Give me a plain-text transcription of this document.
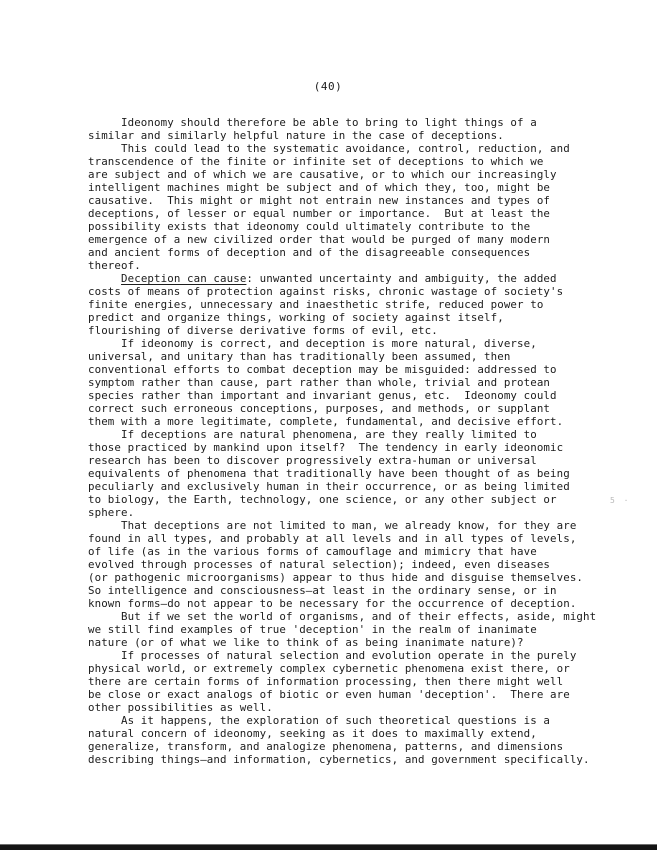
(40)
Ideonomy should therefore be able to bring to light things of a
similar and similarly helpful nature in the case of deceptions.
This could lead to the systematic avoidance, control, reduction, and
transcendence of the finite or infinite set of deceptions to which we
are subject and of which we are causative, or to which our increasingly
intelligent machines might be subject and of which they, too, might be
causative.  This might or might not entrain new instances and types of
deceptions, of lesser or equal number or importance.  But at least the
possibility exists that ideonomy could ultimately contribute to the
emergence of a new civilized order that would be purged of many modern
and ancient forms of deception and of the disagreeable consequences
thereof.
Deception can cause: unwanted uncertainty and ambiguity, the added
costs of means of protection against risks, chronic wastage of society's
finite energies, unnecessary and inaesthetic strife, reduced power to
predict and organize things, working of society against itself,
flourishing of diverse derivative forms of evil, etc.
If ideonomy is correct, and deception is more natural, diverse,
universal, and unitary than has traditionally been assumed, then
conventional efforts to combat deception may be misguided: addressed to
symptom rather than cause, part rather than whole, trivial and protean
species rather than important and invariant genus, etc.  Ideonomy could
correct such erroneous conceptions, purposes, and methods, or supplant
them with a more legitimate, complete, fundamental, and decisive effort.
If deceptions are natural phenomena, are they really limited to
those practiced by mankind upon itself?  The tendency in early ideonomic
research has been to discover progressively extra-human or universal
equivalents of phenomena that traditionally have been thought of as being
peculiarly and exclusively human in their occurrence, or as being limited
to biology, the Earth, technology, one science, or any other subject or
sphere.
That deceptions are not limited to man, we already know, for they are
found in all types, and probably at all levels and in all types of levels,
of life (as in the various forms of camouflage and mimicry that have
evolved through processes of natural selection); indeed, even diseases
(or pathogenic microorganisms) appear to thus hide and disguise themselves.
So intelligence and consciousness—at least in the ordinary sense, or in
known forms—do not appear to be necessary for the occurrence of deception.
But if we set the world of organisms, and of their effects, aside, might
we still find examples of true 'deception' in the realm of inanimate
nature (or of what we like to think of as being inanimate nature)?
If processes of natural selection and evolution operate in the purely
physical world, or extremely complex cybernetic phenomena exist there, or
there are certain forms of information processing, then there might well
be close or exact analogs of biotic or even human 'deception'.  There are
other possibilities as well.
As it happens, the exploration of such theoretical questions is a
natural concern of ideonomy, seeking as it does to maximally extend,
generalize, transform, and analogize phenomena, patterns, and dimensions
describing things—and information, cybernetics, and government specifically.
5 ·
